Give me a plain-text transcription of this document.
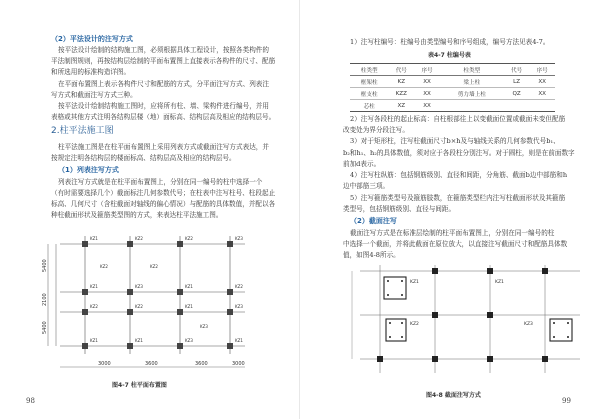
（2）平法设计的注写方式
按平法设计绘制的结构施工图，必须根据具体工程设计，按照各类构件的
平法制图规则，再按结构层绘制的平面布置图上直接表示各构件的尺寸、配筋
和所选用的标准构造详图。
在平面布置图上表示各构件尺寸和配筋的方式，分平面注写方式、列表注
写方式和截面注写方式三种。
按平法设计绘制结构施工图时，应将所有柱、墙、梁构件进行编号，并用
表格或其他方式注明各结构层楼（地）面标高、结构层高及相应的结构层号。
2.柱平法施工图
柱平法施工图是在柱平面布置图上采用列表方式或截面注写方式表达，并
按规定注明各结构层的楼面标高、结构层高及相应的结构层号。
（1）列表注写方式
列表注写方式就是在柱平面布置图上，分别在同一编号的柱中选择一个
（有时需要选择几个）截面标注几何参数代号；在柱表中注写柱号、柱段起止
标高、几何尺寸（含柱截面对轴线的偏心情况）与配筋的具体数值，并配以各
种柱截面形状及箍筋类型图的方式，来表达柱平法施工图。
KZ1	KZ2	KZ2	KZ3
KZ1	KZ3	KZ1	KZ2
KZ2	KZ2	KZ1	KZ3
KZ1	KZ1	KZ3	KZ1
KZ2	KZ2
KZ3
3000	3600	3600	3000
5400
2100
5400
图4-7 柱平面布置图
98
1）注写柱编号：柱编号由类型编号和序号组成，编号方法见表4-7。
表4-7 柱编号表
柱类型	代号	序号	柱类型	代号	序号
框架柱	KZ	XX	梁上柱	LZ	XX
框支柱	KZZ	XX	剪力墙上柱	QZ	XX
芯柱	XZ	XX			
2）注写各段柱的起止标高：自柱根部往上以变截面位置或截面未变但配筋
改变处为界分段注写。
3）对于矩形柱，注写柱截面尺寸b×h及与轴线关系的几何参数代号b₁、
b₂和h₁、h₂的具体数值，须对应于各段柱分别注写。对于圆柱，则是在前面数字
前加d表示。
4）注写柱纵筋：包括钢筋级别、直径和间距，分角筋、截面b边中部筋和h
边中部筋三项。
5）注写箍筋类型号及箍筋肢数，在箍筋类型栏内注写柱截面形状及其箍筋
类型号，包括钢筋级别、直径与间距。
（2）截面注写
截面注写方式是在标准层绘制的柱平面布置图上，分别在同一编号的柱
中选择一个截面，并将此截面在原位放大，以直接注写截面尺寸和配筋具体数
值，如图4-8所示。
KZ1
KZ2	KZ3
KZ1
图4-8 截面注写方式
99
